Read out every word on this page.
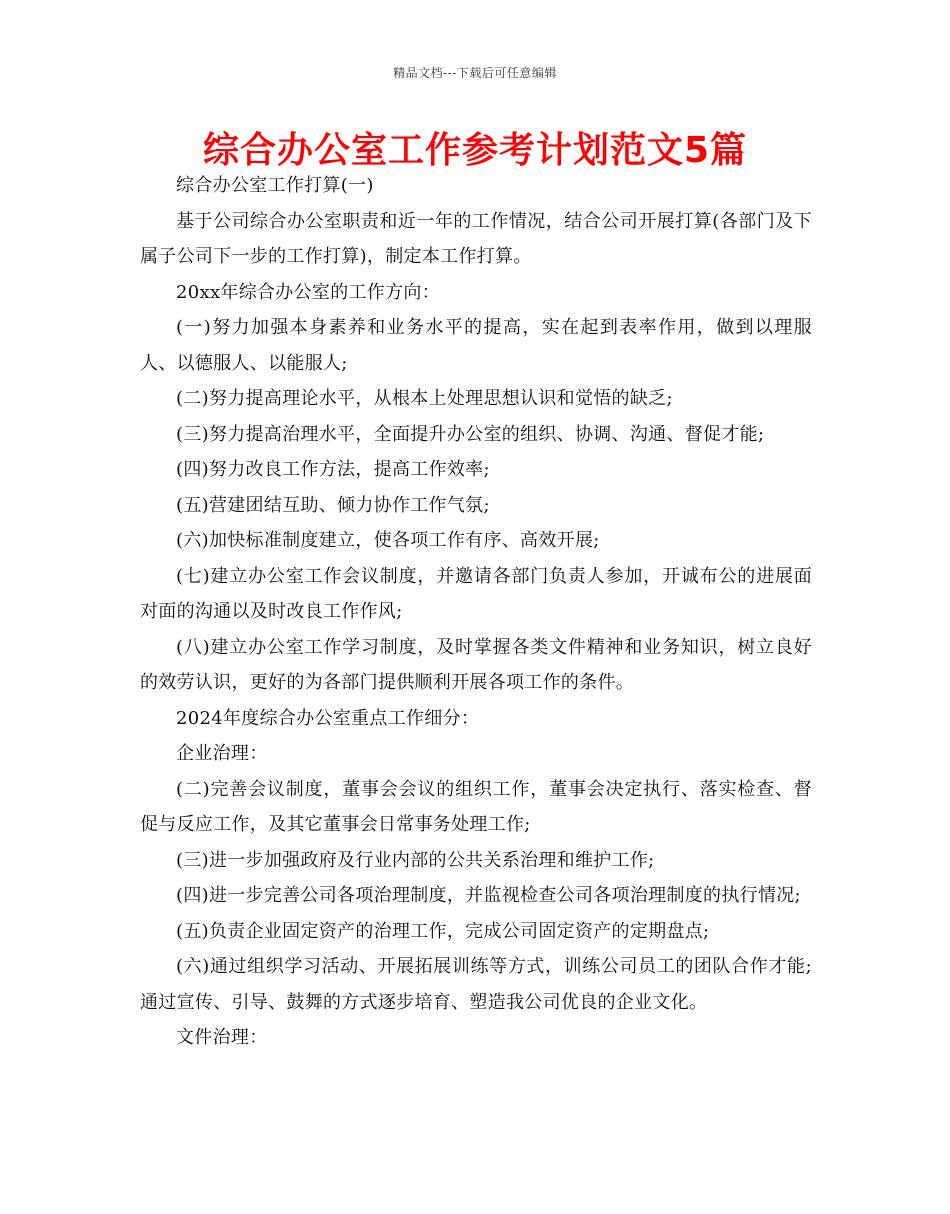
精品文档---下载后可任意编辑
综合办公室工作参考计划范文5篇

综合办公室工作打算(一)

基于公司综合办公室职责和近一年的工作情况，结合公司开展打算(各部门及下属子公司下一步的工作打算)，制定本工作打算。

20xx年综合办公室的工作方向：

(一)努力加强本身素养和业务水平的提高，实在起到表率作用，做到以理服人、以德服人、以能服人;

(二)努力提高理论水平，从根本上处理思想认识和觉悟的缺乏;

(三)努力提高治理水平，全面提升办公室的组织、协调、沟通、督促才能;

(四)努力改良工作方法，提高工作效率;

(五)营建团结互助、倾力协作工作气氛;

(六)加快标准制度建立，使各项工作有序、高效开展;

(七)建立办公室工作会议制度，并邀请各部门负责人参加，开诚布公的进展面对面的沟通以及时改良工作作风;

(八)建立办公室工作学习制度，及时掌握各类文件精神和业务知识，树立良好的效劳认识，更好的为各部门提供顺利开展各项工作的条件。

2024年度综合办公室重点工作细分：

企业治理：

(二)完善会议制度，董事会会议的组织工作，董事会决定执行、落实检查、督促与反应工作，及其它董事会日常事务处理工作;

(三)进一步加强政府及行业内部的公共关系治理和维护工作;

(四)进一步完善公司各项治理制度，并监视检查公司各项治理制度的执行情况;

(五)负责企业固定资产的治理工作，完成公司固定资产的定期盘点;

(六)通过组织学习活动、开展拓展训练等方式，训练公司员工的团队合作才能;通过宣传、引导、鼓舞的方式逐步培育、塑造我公司优良的企业文化。

文件治理：
